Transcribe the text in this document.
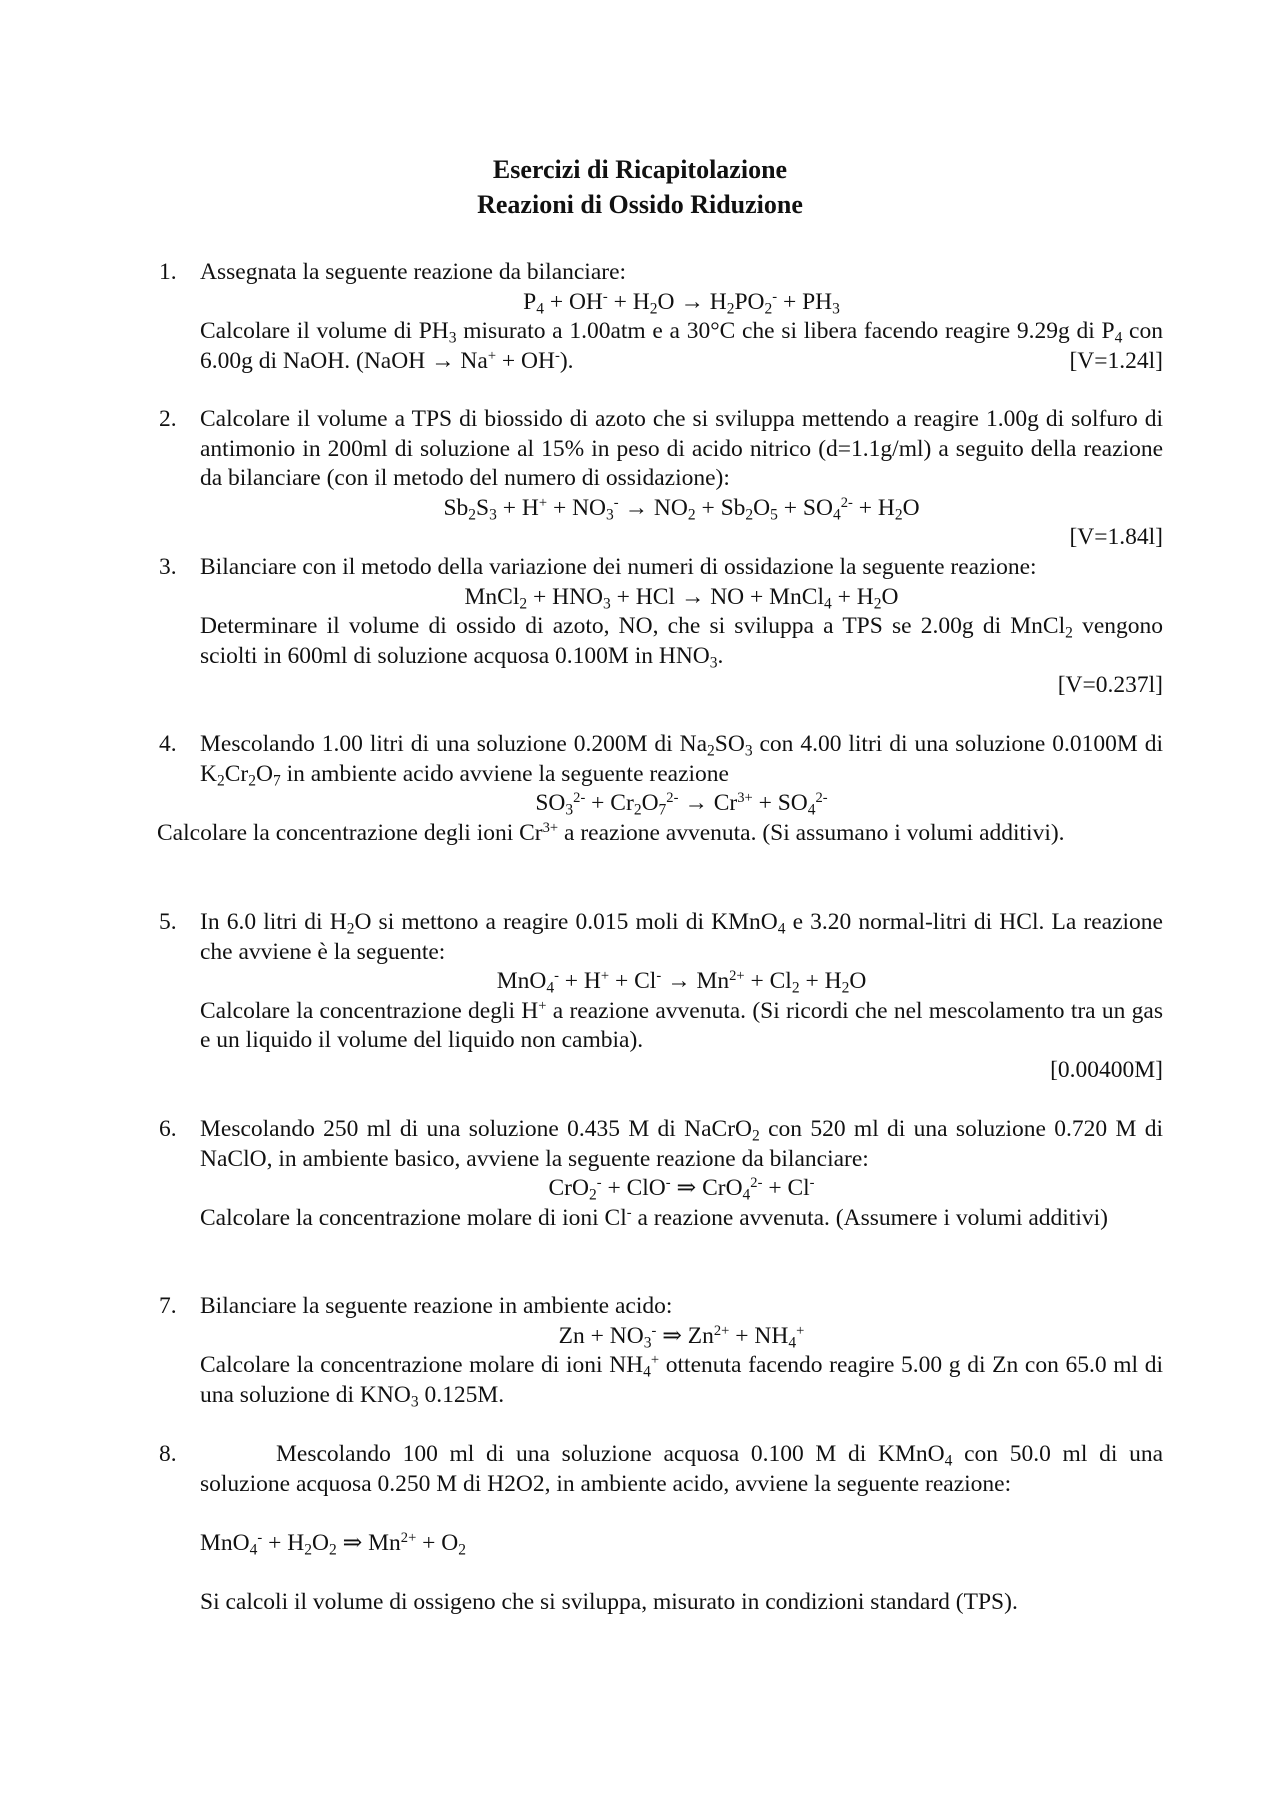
Esercizi di Ricapitolazione
Reazioni di Ossido Riduzione
1. Assegnata la seguente reazione da bilanciare:
$P_4 + OH^- + H_2O \to H_2PO_2^- + PH_3$
Calcolare il volume di $PH_3$ misurato a 1.00atm e a 30°C che si libera facendo reagire 9.29g di $P_4$ con 6.00g di NaOH. (NaOH → Na+ + OH-).	[V=1.24l]
2. Calcolare il volume a TPS di biossido di azoto che si sviluppa mettendo a reagire 1.00g di solfuro di antimonio in 200ml di soluzione al 15% in peso di acido nitrico (d=1.1g/ml) a seguito della reazione da bilanciare (con il metodo del numero di ossidazione):
$Sb_2S_3 + H^+ + NO_3^- \to NO_2 + Sb_2O_5 + SO_4^{2-} + H_2O$
[V=1.84l]
3. Bilanciare con il metodo della variazione dei numeri di ossidazione la seguente reazione:
MnCl$_2$ + $HNO_3$ + HCl → NO + MnCl$_4$ + $H_2O$
Determinare il volume di ossido di azoto, NO, che si sviluppa a TPS se 2.00g di MnCl$_2$ vengono sciolti in 600ml di soluzione acquosa 0.100M in $HNO_3$.
[V=0.237l]
4. Mescolando 1.00 litri di una soluzione 0.200M di $Na_2SO_3$ con 4.00 litri di una soluzione 0.0100M di $K_2Cr_2O_7$ in ambiente acido avviene la seguente reazione
$SO_3^{2-} + Cr_2O_7^{2-} \to Cr^{3+} + SO_4^{2-}$
Calcolare la concentrazione degli ioni $Cr^{3+}$ a reazione avvenuta. (Si assumano i volumi additivi).
5. In 6.0 litri di $H_2O$ si mettono a reagire 0.015 moli di KMnO$_4$ e 3.20 normal-litri di HCl. La reazione che avviene è la seguente:
$MnO_4^- + H^+ + Cl^- \to Mn^{2+} + Cl_2 + H_2O$
Calcolare la concentrazione degli H+ a reazione avvenuta. (Si ricordi che nel mescolamento tra un gas e un liquido il volume del liquido non cambia).
[0.00400M]
6. Mescolando 250 ml di una soluzione 0.435 M di NaCrO$_2$ con 520 ml di una soluzione 0.720 M di NaClO, in ambiente basico, avviene la seguente reazione da bilanciare:
CrO$_2$- + ClO- ⇒ CrO$_4^{2-}$ + Cl-
Calcolare la concentrazione molare di ioni Cl- a reazione avvenuta. (Assumere i volumi additivi)
7. Bilanciare la seguente reazione in ambiente acido:
$Zn + NO_3^-$ ⇒ $Zn^{2+} + NH_4^+$
Calcolare la concentrazione molare di ioni $NH_4^+$ ottenuta facendo reagire 5.00 g di Zn con 65.0 ml di una soluzione di $KNO_3$ 0.125M.
8.	Mescolando 100 ml di una soluzione acquosa 0.100 M di KMnO$_4$ con 50.0 ml di una soluzione acquosa 0.250 M di H2O2, in ambiente acido, avviene la seguente reazione:
$MnO_4^- + H_2O_2$ ⇒ $Mn^{2+} + O_2$
Si calcoli il volume di ossigeno che si sviluppa, misurato in condizioni standard (TPS).
